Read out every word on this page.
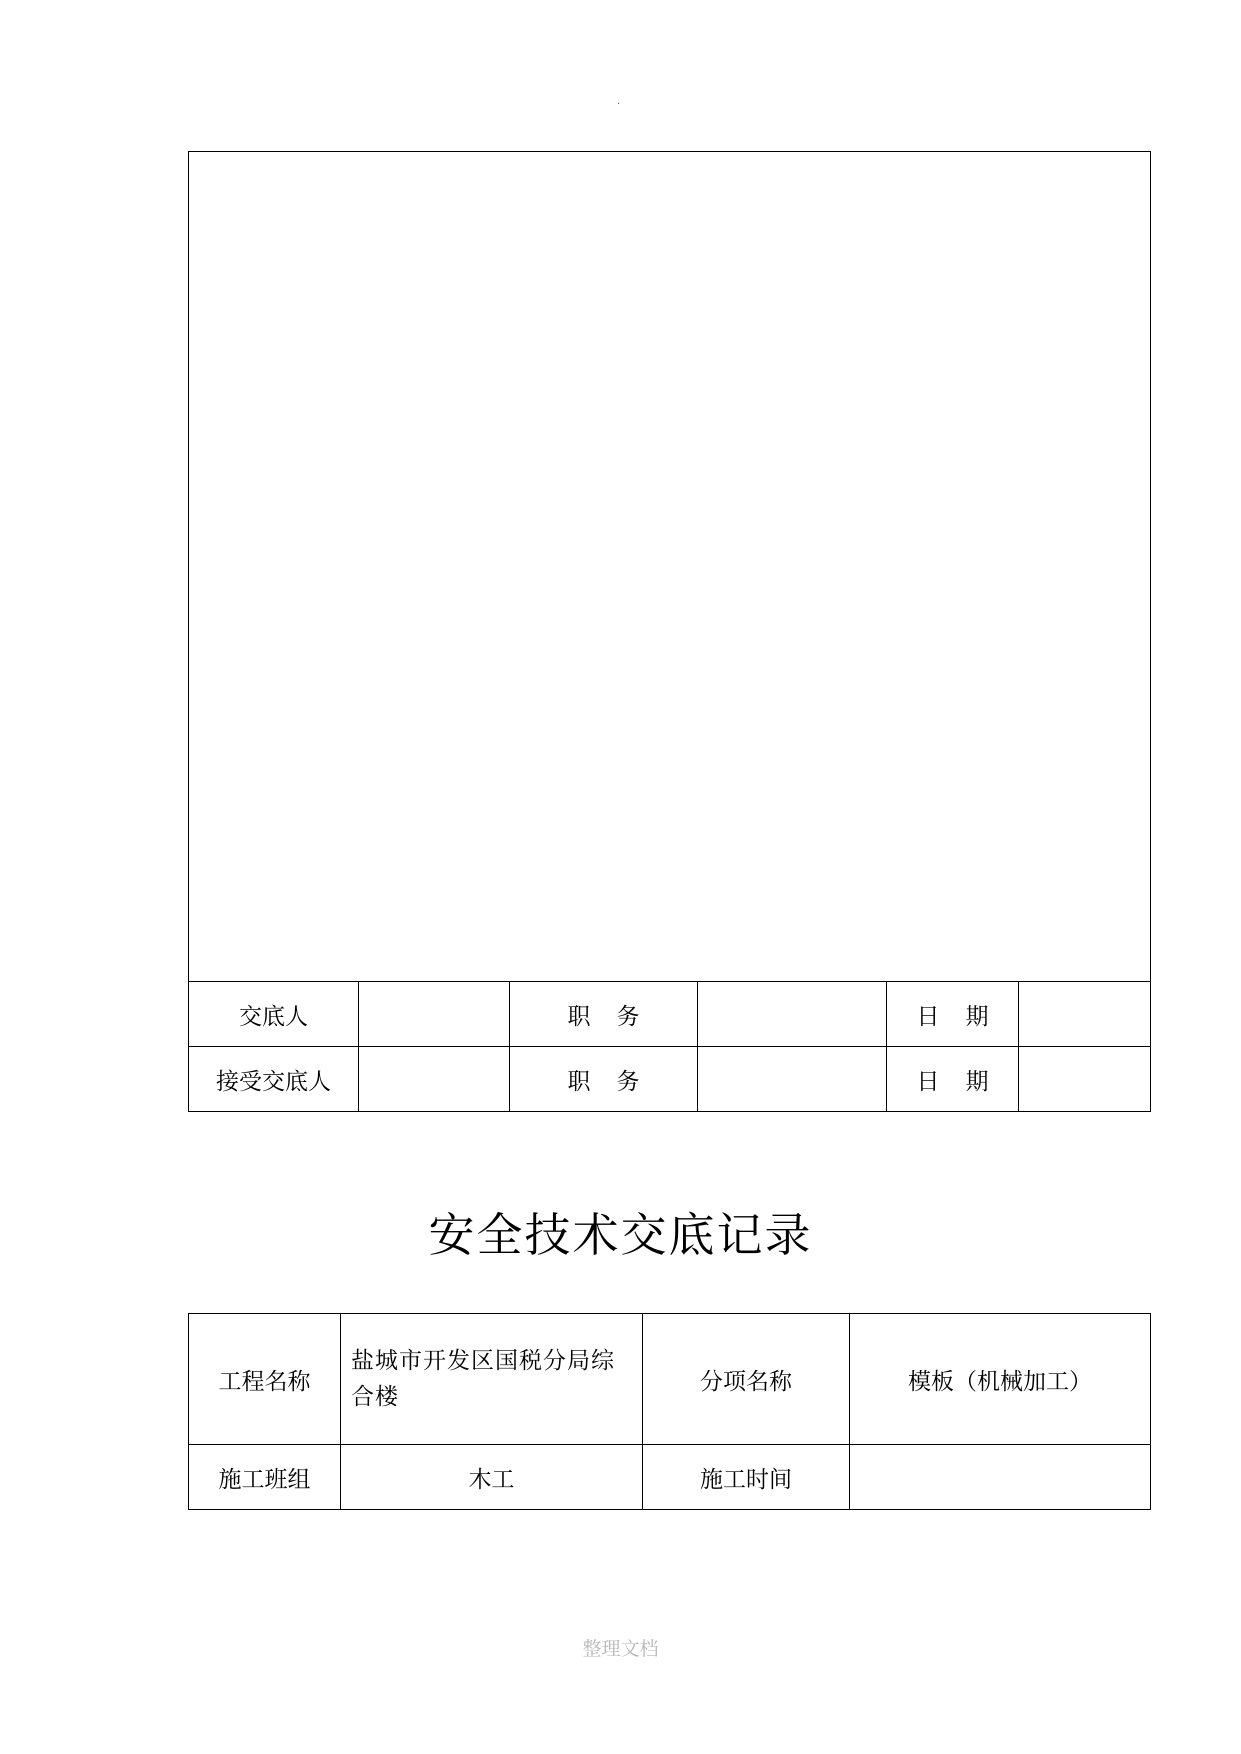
·

交底人		职务		日期	
接受交底人		职务		日期	
安全技术交底记录
工程名称	盐城市开发区国税分局综合楼	分项名称	模板（机械加工）
施工班组	木工	施工时间	
整理文档
